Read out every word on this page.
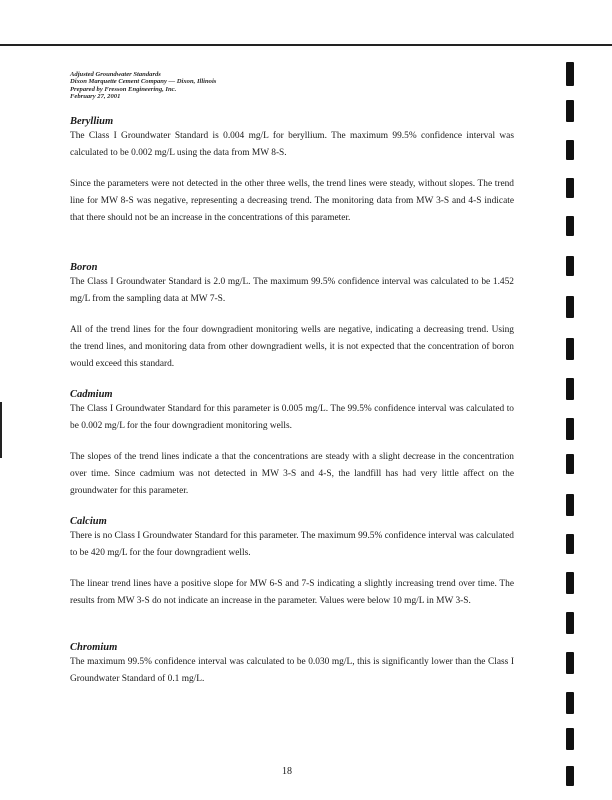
Adjusted Groundwater Standards
Dixon Marquette Cement Company — Dixon, Illinois
Prepared by Fresson Engineering, Inc.
February 27, 2001
Beryllium

The Class I Groundwater Standard is 0.004 mg/L for beryllium. The maximum 99.5% confidence interval was calculated to be 0.002 mg/L using the data from MW 8-S.

Since the parameters were not detected in the other three wells, the trend lines were steady, without slopes. The trend line for MW 8-S was negative, representing a decreasing trend. The monitoring data from MW 3-S and 4-S indicate that there should not be an increase in the concentrations of this parameter.

Boron

The Class I Groundwater Standard is 2.0 mg/L. The maximum 99.5% confidence interval was calculated to be 1.452 mg/L from the sampling data at MW 7-S.

All of the trend lines for the four downgradient monitoring wells are negative, indicating a decreasing trend. Using the trend lines, and monitoring data from other downgradient wells, it is not expected that the concentration of boron would exceed this standard.

Cadmium

The Class I Groundwater Standard for this parameter is 0.005 mg/L. The 99.5% confidence interval was calculated to be 0.002 mg/L for the four downgradient monitoring wells.

The slopes of the trend lines indicate a that the concentrations are steady with a slight decrease in the concentration over time. Since cadmium was not detected in MW 3-S and 4-S, the landfill has had very little affect on the groundwater for this parameter.

Calcium

There is no Class I Groundwater Standard for this parameter. The maximum 99.5% confidence interval was calculated to be 420 mg/L for the four downgradient wells.

The linear trend lines have a positive slope for MW 6-S and 7-S indicating a slightly increasing trend over time. The results from MW 3-S do not indicate an increase in the parameter. Values were below 10 mg/L in MW 3-S.

Chromium

The maximum 99.5% confidence interval was calculated to be 0.030 mg/L, this is significantly lower than the Class I Groundwater Standard of 0.1 mg/L.

18
